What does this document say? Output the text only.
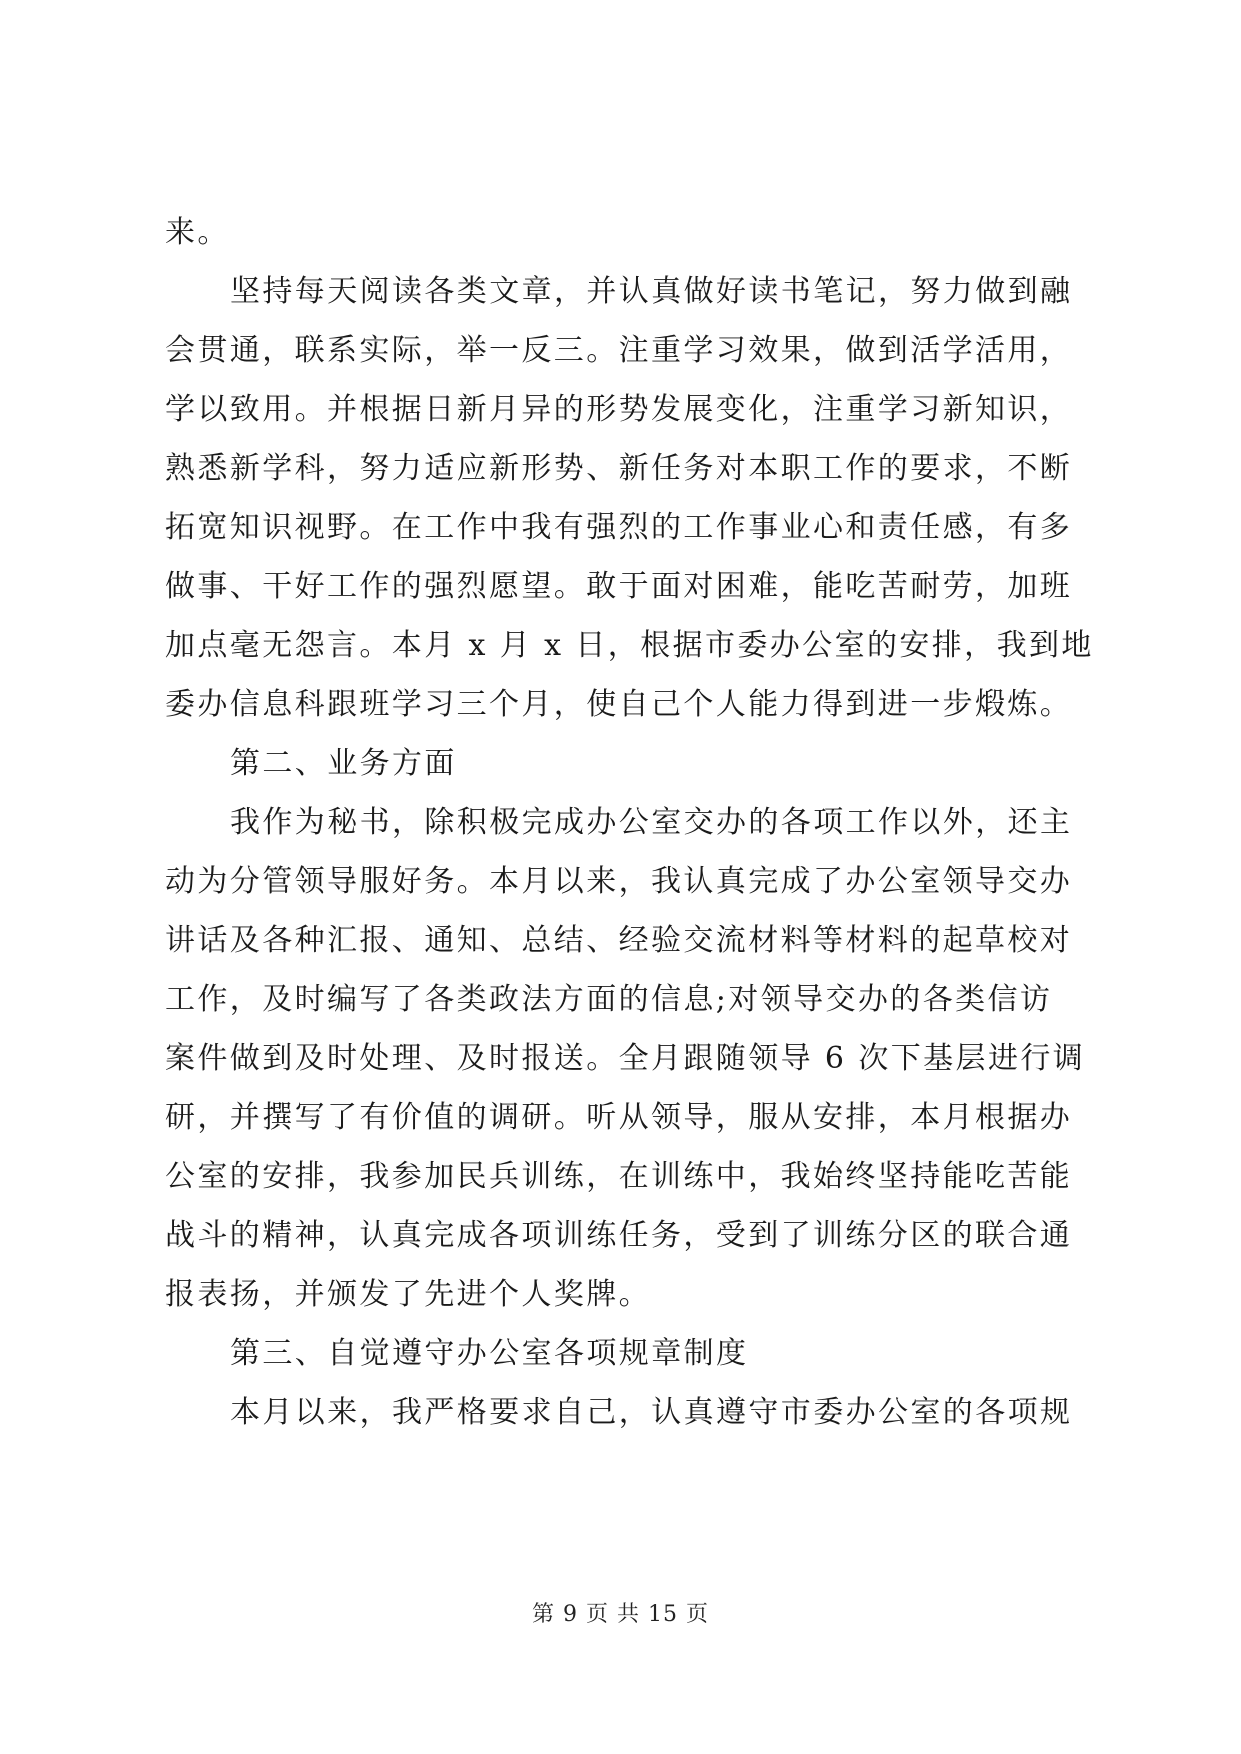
来。
坚持每天阅读各类文章，并认真做好读书笔记，努力做到融
会贯通，联系实际，举一反三。注重学习效果，做到活学活用，
学以致用。并根据日新月异的形势发展变化，注重学习新知识，
熟悉新学科，努力适应新形势、新任务对本职工作的要求，不断
拓宽知识视野。在工作中我有强烈的工作事业心和责任感，有多
做事、干好工作的强烈愿望。敢于面对困难，能吃苦耐劳，加班
加点毫无怨言。本月 x 月 x 日，根据市委办公室的安排，我到地
委办信息科跟班学习三个月，使自己个人能力得到进一步煅炼。
第二、业务方面
我作为秘书，除积极完成办公室交办的各项工作以外，还主
动为分管领导服好务。本月以来，我认真完成了办公室领导交办
讲话及各种汇报、通知、总结、经验交流材料等材料的起草校对
工作，及时编写了各类政法方面的信息;对领导交办的各类信访
案件做到及时处理、及时报送。全月跟随领导 6 次下基层进行调
研，并撰写了有价值的调研。听从领导，服从安排，本月根据办
公室的安排，我参加民兵训练，在训练中，我始终坚持能吃苦能
战斗的精神，认真完成各项训练任务，受到了训练分区的联合通
报表扬，并颁发了先进个人奖牌。
第三、自觉遵守办公室各项规章制度
本月以来，我严格要求自己，认真遵守市委办公室的各项规
第 9 页 共 15 页
